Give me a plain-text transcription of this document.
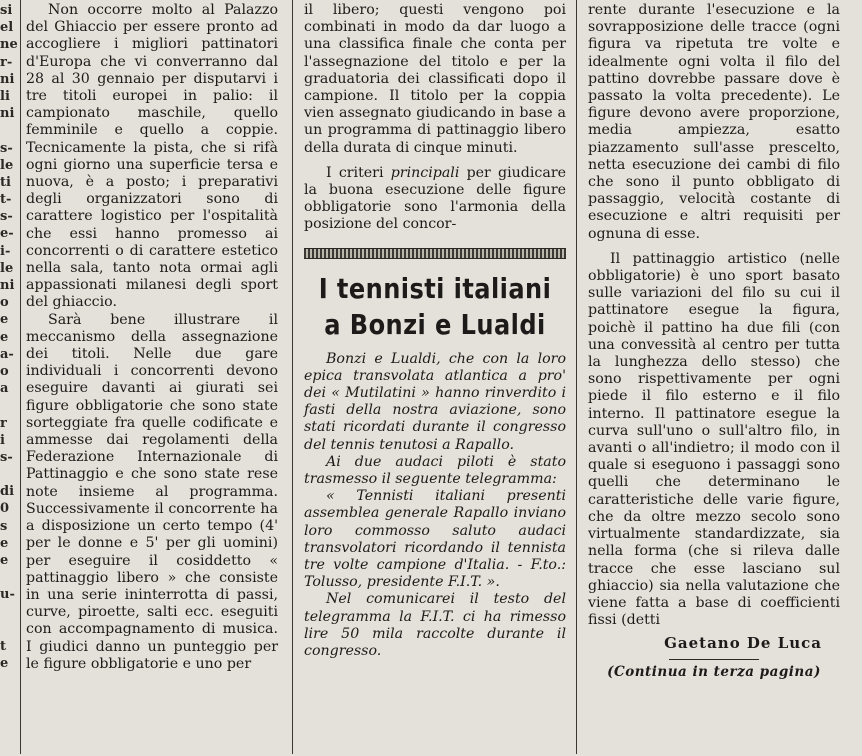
si
el
ne
r-
ni
li
ni
s-
le
ti
t-
s-
e-
i-
le
ni
o
e
e
a-
o
a
r
i
s-
di
0
s
e
e
u-
t
e

Non occorre molto al Palazzo del Ghiaccio per essere pronto ad accogliere i migliori pattinatori d'Europa che vi converranno dal 28 al 30 gennaio per disputarvi i tre titoli europei in palio: il campionato maschile, quello femminile e quello a coppie. Tecnicamente la pista, che si rifà ogni giorno una superficie tersa e nuova, è a posto; i preparativi degli organizzatori sono di carattere logistico per l'ospitalità che essi hanno promesso ai concorrenti o di carattere estetico nella sala, tanto nota ormai agli appassionati milanesi degli sport del ghiaccio.

Sarà bene illustrare il meccanismo della assegnazione dei titoli. Nelle due gare individuali i concorrenti devono eseguire davanti ai giurati sei figure obbligatorie che sono state sorteggiate fra quelle codificate e ammesse dai regolamenti della Federazione Internazionale di Pattinaggio e che sono state rese note insieme al programma. Successivamente il concorrente ha a disposizione un certo tempo (4' per le donne e 5' per gli uomini) per eseguire il cosiddetto « pattinaggio libero » che consiste in una serie ininterrotta di passi, curve, piroette, salti ecc. eseguiti con accompagnamento di musica. I giudici danno un punteggio per le figure obbligatorie e uno per

il libero; questi vengono poi combinati in modo da dar luogo a una classifica finale che conta per l'assegnazione del titolo e per la graduatoria dei classificati dopo il campione. Il titolo per la coppia vien assegnato giudicando in base a un programma di pattinaggio libero della durata di cinque minuti.

I criteri principali per giudicare la buona esecuzione delle figure obbligatorie sono l'armonia della posizione del concor-

I tennisti italiani
a Bonzi e Lualdi

Bonzi e Lualdi, che con la loro epica transvolata atlantica a pro' dei « Mutilatini » hanno rinverdito i fasti della nostra aviazione, sono stati ricordati durante il congresso del tennis tenutosi a Rapallo.

Ai due audaci piloti è stato trasmesso il seguente telegramma:

« Tennisti italiani presenti assemblea generale Rapallo inviano loro commosso saluto audaci transvolatori ricordando il tennista tre volte campione d'Italia. - F.to.: Tolusso, presidente F.I.T. ».

Nel comunicarei il testo del telegramma la F.I.T. ci ha rimesso lire 50 mila raccolte durante il congresso.

rente durante l'esecuzione e la sovrapposizione delle tracce (ogni figura va ripetuta tre volte e idealmente ogni volta il filo del pattino dovrebbe passare dove è passato la volta precedente). Le figure devono avere proporzione, media ampiezza, esatto piazzamento sull'asse prescelto, netta esecuzione dei cambi di filo che sono il punto obbligato di passaggio, velocità costante di esecuzione e altri requisiti per ognuna di esse.

Il pattinaggio artistico (nelle obbligatorie) è uno sport basato sulle variazioni del filo su cui il pattinatore esegue la figura, poichè il pattino ha due fili (con una convessità al centro per tutta la lunghezza dello stesso) che sono rispettivamente per ogni piede il filo esterno e il filo interno. Il pattinatore esegue la curva sull'uno o sull'altro filo, in avanti o all'indietro; il modo con il quale si eseguono i passaggi sono quelli che determinano le caratteristiche delle varie figure, che da oltre mezzo secolo sono virtualmente standardizzate, sia nella forma (che si rileva dalle tracce che esse lasciano sul ghiaccio) sia nella valutazione che viene fatta a base di coefficienti fissi (detti

Gaetano De Luca
(Continua in terza pagina)
